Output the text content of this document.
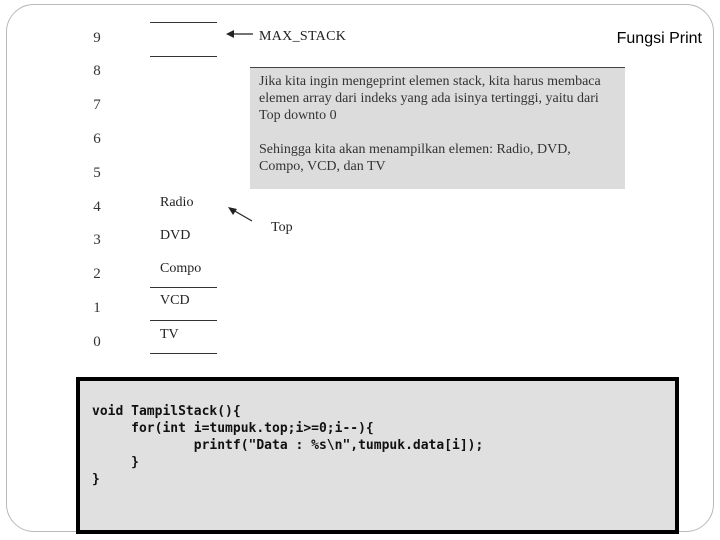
Fungsi Print
9
8
7
6
5
4
3
2
1
0
Radio
DVD
Compo
VCD
TV
MAX_STACK
Top

Jika kita ingin mengeprint elemen stack, kita harus membaca elemen array dari indeks yang ada isinya tertinggi, yaitu dari Top downto 0

Sehingga kita akan menampilkan elemen: Radio, DVD, Compo, VCD, dan TV

void TampilStack(){
for(int i=tumpuk.top;i>=0;i--){
printf("Data : %s\n",tumpuk.data[i]);
}
}
